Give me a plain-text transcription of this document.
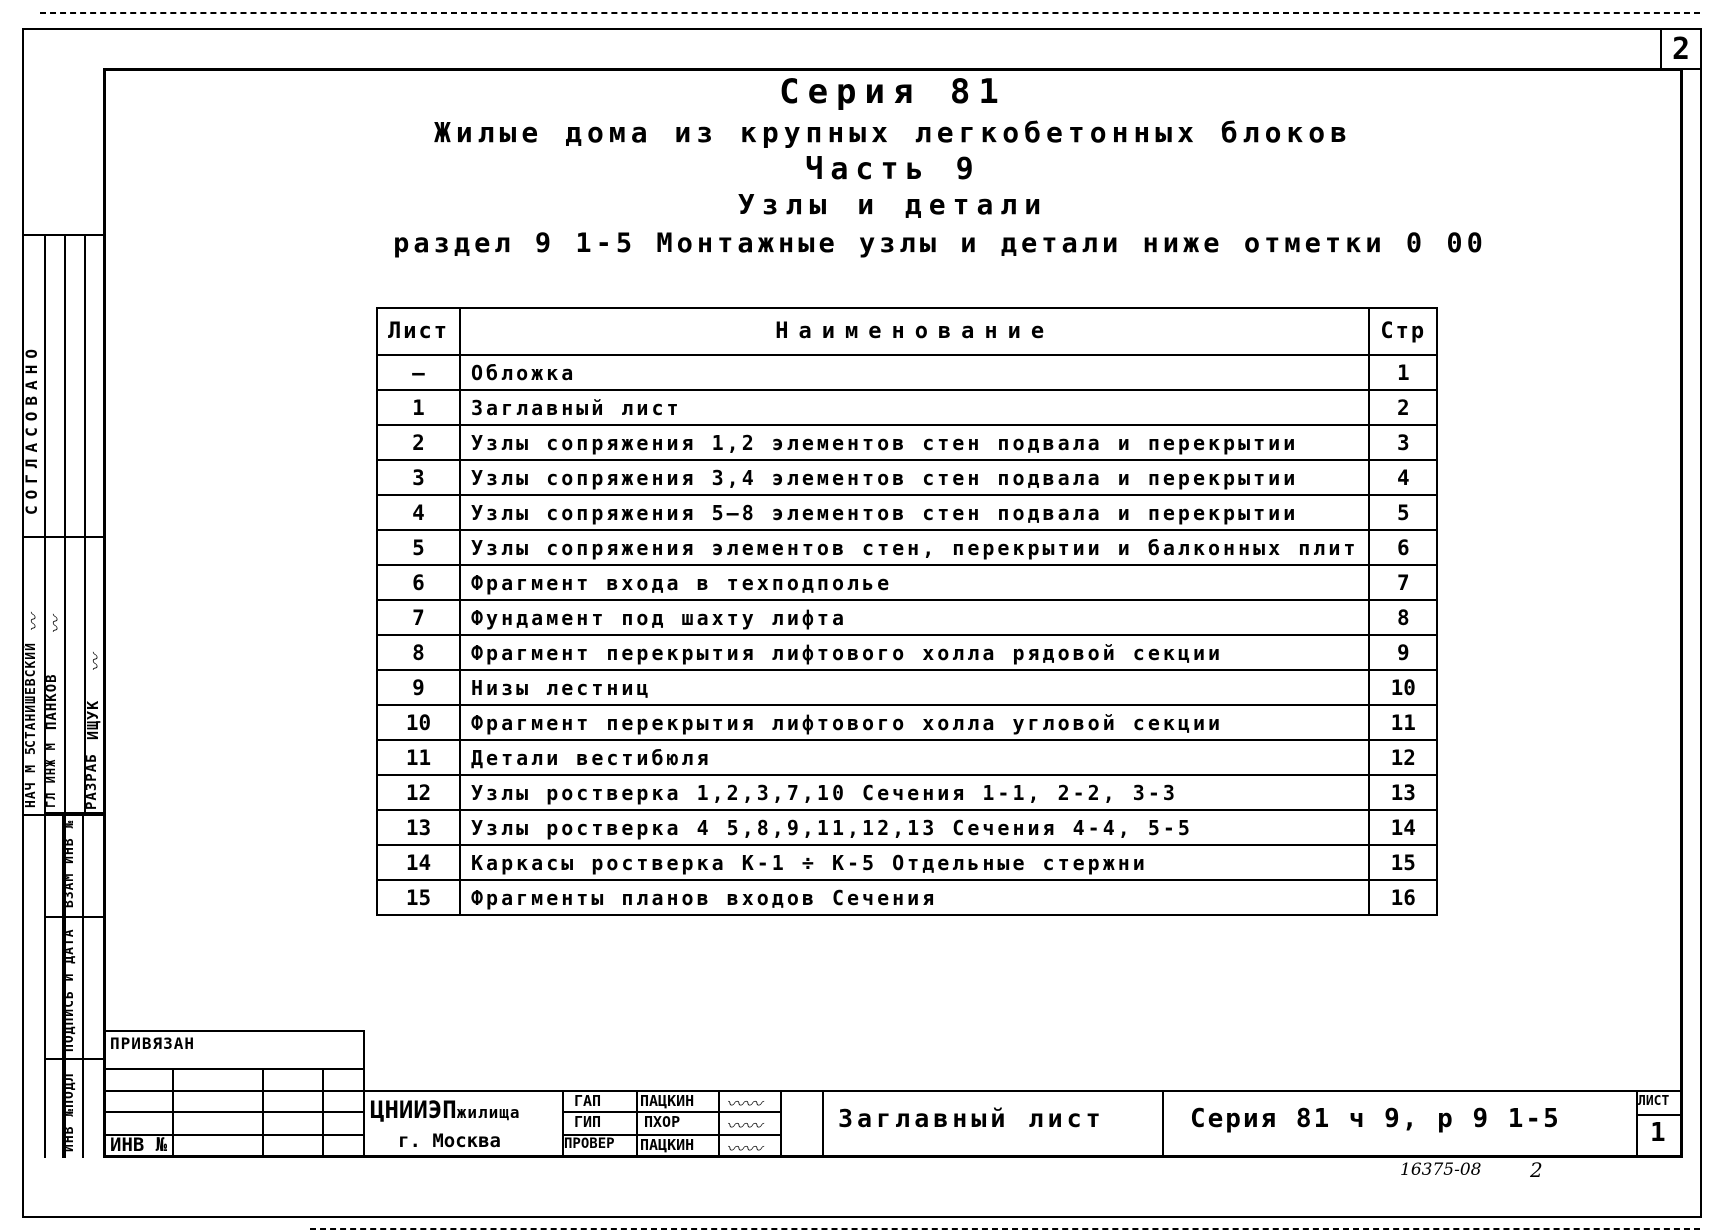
2
Серия 81
Жилые дома из крупных легкобетонных блоков
Часть 9
Узлы и детали
раздел 9 1-5 Монтажные узлы и детали ниже отметки 0 00
Лист	Наименование	Стр
—	Обложка	1
1	Заглавный лист	2
2	Узлы сопряжения 1,2 элементов стен подвала и перекрытии	3
3	Узлы сопряжения 3,4 элементов стен подвала и перекрытии	4
4	Узлы сопряжения 5–8 элементов стен подвала и перекрытии	5
5	Узлы сопряжения элементов стен, перекрытии и балконных плит	6
6	Фрагмент входа в техподполье	7
7	Фундамент под шахту лифта	8
8	Фрагмент перекрытия лифтового холла рядовой секции	9
9	Низы лестниц	10
10	Фрагмент перекрытия лифтового холла угловой секции	11
11	Детали вестибюля	12
12	Узлы ростверка 1,2,3,7,10 Сечения 1-1, 2-2, 3-3	13
13	Узлы ростверка 4 5,8,9,11,12,13 Сечения 4-4, 5-5	14
14	Каркасы ростверка К-1 ÷ К-5 Отдельные стержни	15
15	Фрагменты планов входов Сечения	16
СОГЛАСОВАНО
НАЧ М 5
СТАНИШЕВСКИЙ
ГЛ ИНЖ М
ПАНКОВ
РАЗРАБ
ИЩУК
ВЗАМ ИНВ №
ПОДПИСЬ И ДАТА
ИНВ №ПОДЛ
〰 〰
〰
ПРИВЯЗАН
ИНВ №
ЦНИИЭПжилища
г. Москва
ГАП
ГИП
ПРОВЕР
ПАЦКИН
ПХОР
ПАЦКИН
〰〰
〰〰
〰〰
Заглавный лист	Серия 81 ч 9, р 9 1-5
ЛИСТ
1
16375-08 2
